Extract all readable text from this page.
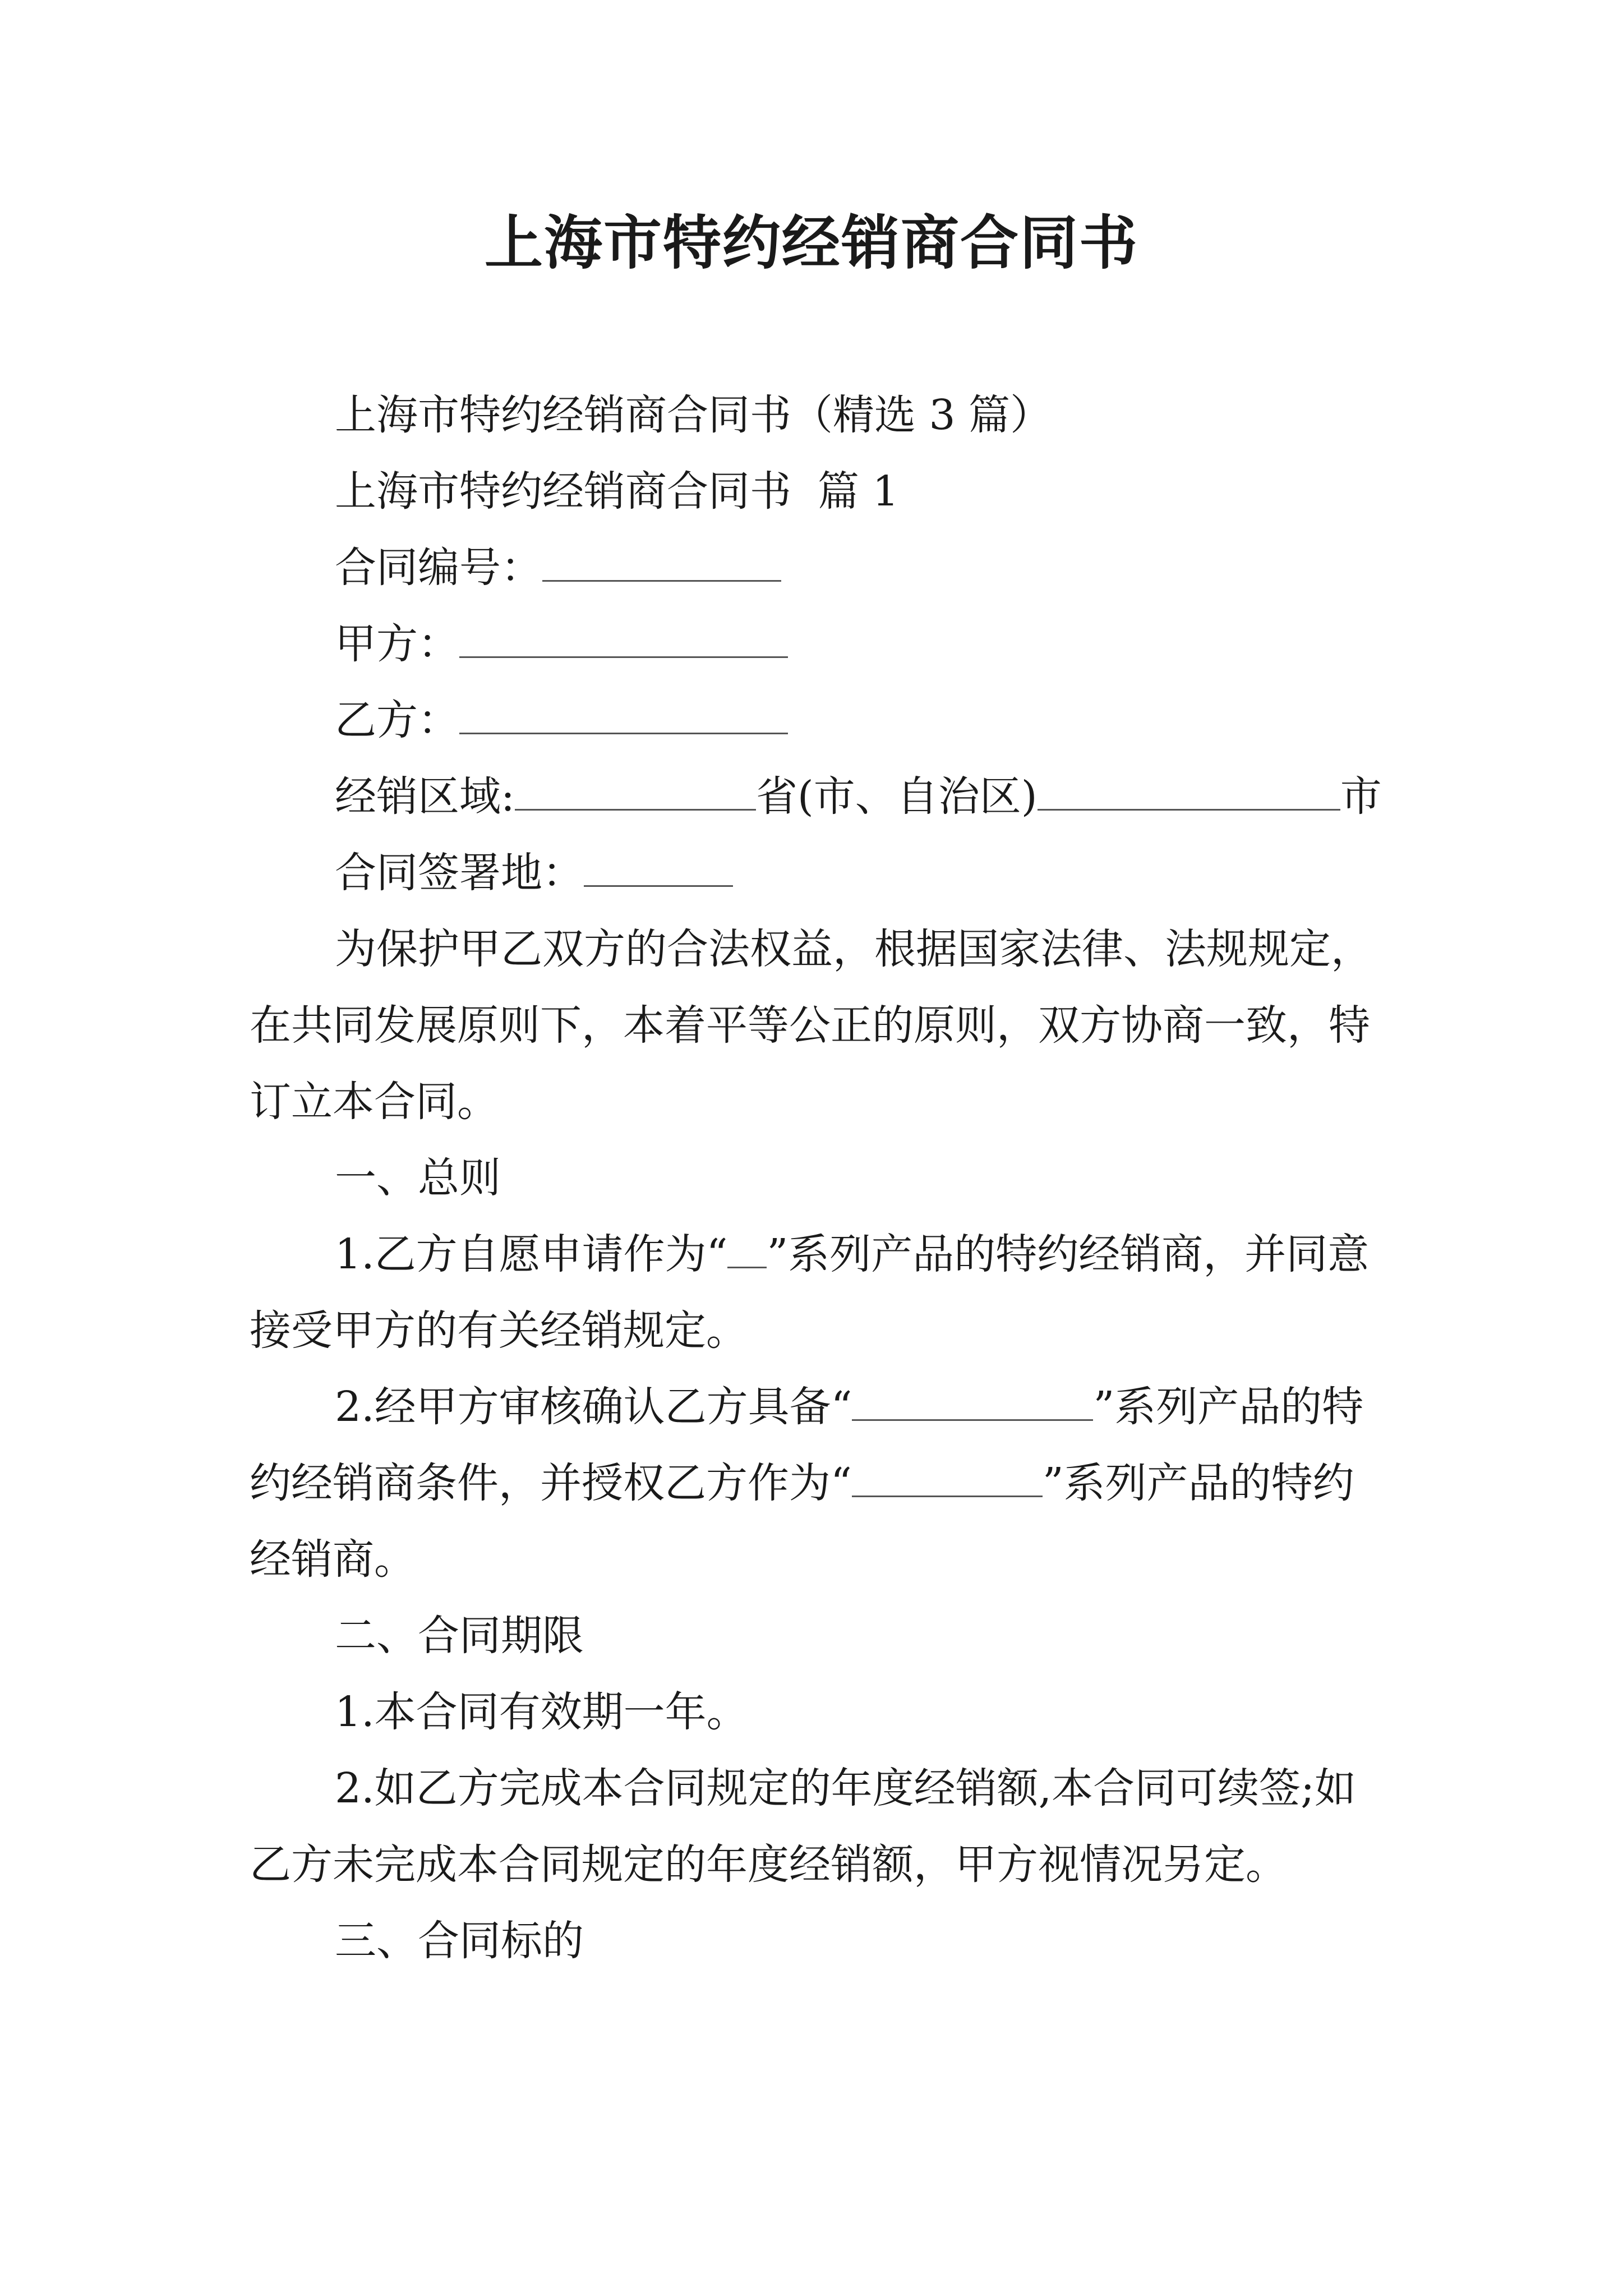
上海市特约经销商合同书

上海市特约经销商合同书（精选 3 篇）

上海市特约经销商合同书  篇 1

合同编号：

甲方：

乙方：

经销区域:	省(市、自治区)	市

合同签署地：

为保护甲乙双方的合法权益，根据国家法律、法规规定，在共同发展原则下，本着平等公正的原则，双方协商一致，特订立本合同。

一、总则

1.乙方自愿申请作为“ ”系列产品的特约经销商，并同意接受甲方的有关经销规定。

2.经甲方审核确认乙方具备“	”系列产品的特约经销商条件，并授权乙方作为“	”系列产品的特约经销商。

二、合同期限

1.本合同有效期一年。

2.如乙方完成本合同规定的年度经销额,本合同可续签;如乙方未完成本合同规定的年度经销额，甲方视情况另定。

三、合同标的
